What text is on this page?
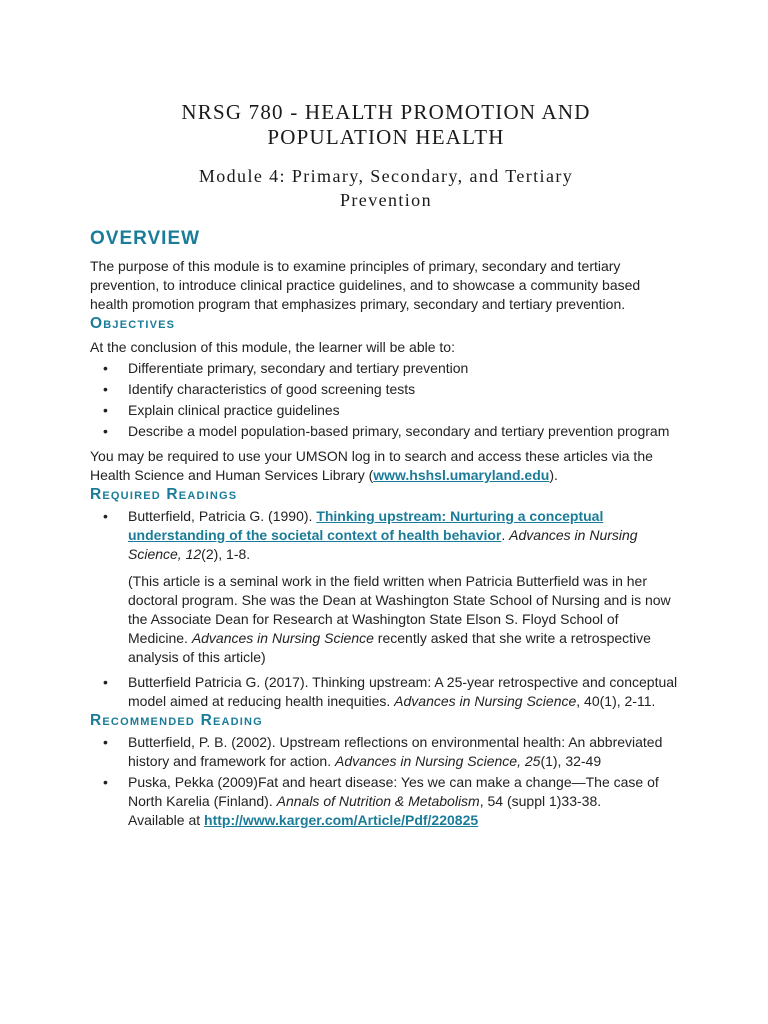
NRSG 780 - HEALTH PROMOTION AND
POPULATION HEALTH
Module 4: Primary, Secondary, and Tertiary
Prevention
OVERVIEW

The purpose of this module is to examine principles of primary, secondary and tertiary prevention, to introduce clinical practice guidelines, and to showcase a community based health promotion program that emphasizes primary, secondary and tertiary prevention.

Objectives

At the conclusion of this module, the learner will be able to:

• Differentiate primary, secondary and tertiary prevention
• Identify characteristics of good screening tests
• Explain clinical practice guidelines
• Describe a model population-based primary, secondary and tertiary prevention program

You may be required to use your UMSON log in to search and access these articles via the Health Science and Human Services Library (www.hshsl.umaryland.edu).

Required Readings
• Butterfield, Patricia G. (1990). Thinking upstream: Nurturing a conceptual understanding of the societal context of health behavior. Advances in Nursing Science, 12(2), 1-8.

(This article is a seminal work in the field written when Patricia Butterfield was in her doctoral program. She was the Dean at Washington State School of Nursing and is now the Associate Dean for Research at Washington State Elson S. Floyd School of Medicine. Advances in Nursing Science recently asked that she write a retrospective analysis of this article)

• Butterfield Patricia G. (2017). Thinking upstream: A 25-year retrospective and conceptual model aimed at reducing health inequities. Advances in Nursing Science, 40(1), 2-11.
Recommended Reading
• Butterfield, P. B. (2002). Upstream reflections on environmental health: An abbreviated history and framework for action. Advances in Nursing Science, 25(1), 32-49
• Puska, Pekka (2009)Fat and heart disease: Yes we can make a change—The case of North Karelia (Finland). Annals of Nutrition & Metabolism, 54 (suppl 1)33-38.
Available at http://www.karger.com/Article/Pdf/220825
